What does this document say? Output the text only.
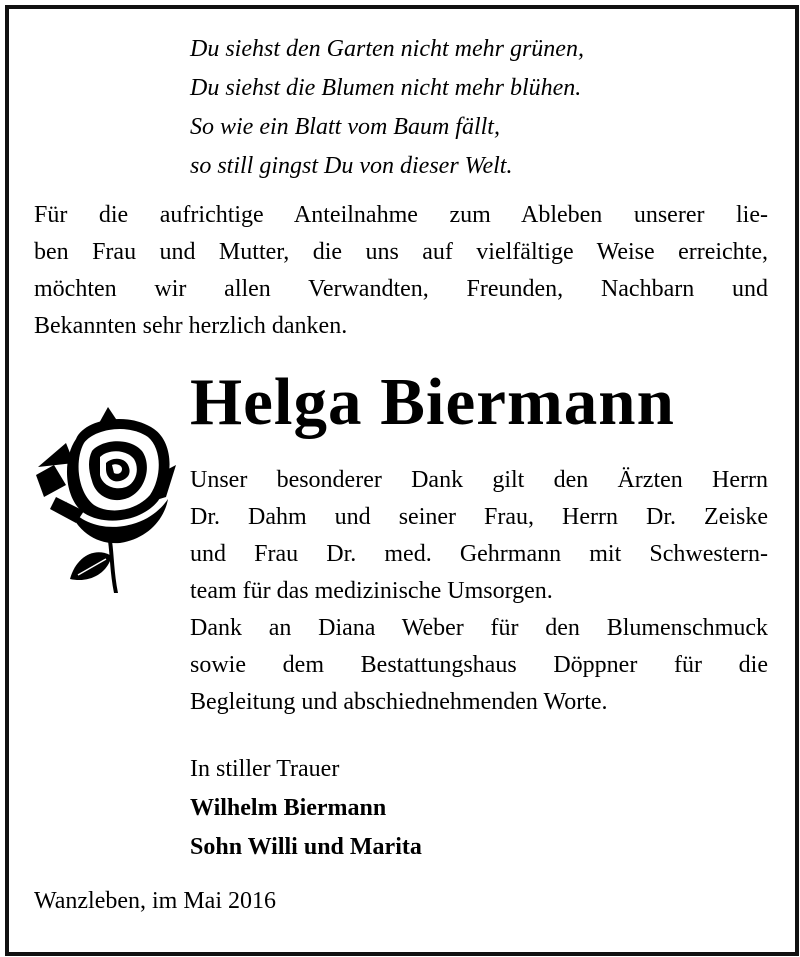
Du siehst den Garten nicht mehr grünen,
Du siehst die Blumen nicht mehr blühen.
So wie ein Blatt vom Baum fällt,
so still gingst Du von dieser Welt.
Für die aufrichtige Anteilnahme zum Ableben unserer lie-
ben Frau und Mutter, die uns auf vielfältige Weise erreichte,
möchten wir allen Verwandten, Freunden, Nachbarn und
Bekannten sehr herzlich danken.
Helga Biermann
Unser besonderer Dank gilt den Ärzten Herrn
Dr. Dahm und seiner Frau, Herrn Dr. Zeiske
und Frau Dr. med. Gehrmann mit Schwestern-
team für das medizinische Umsorgen.
Dank an Diana Weber für den Blumenschmuck
sowie dem Bestattungshaus Döppner für die
Begleitung und abschiednehmenden Worte.
In stiller Trauer
Wilhelm Biermann
Sohn Willi und Marita
Wanzleben, im Mai 2016
